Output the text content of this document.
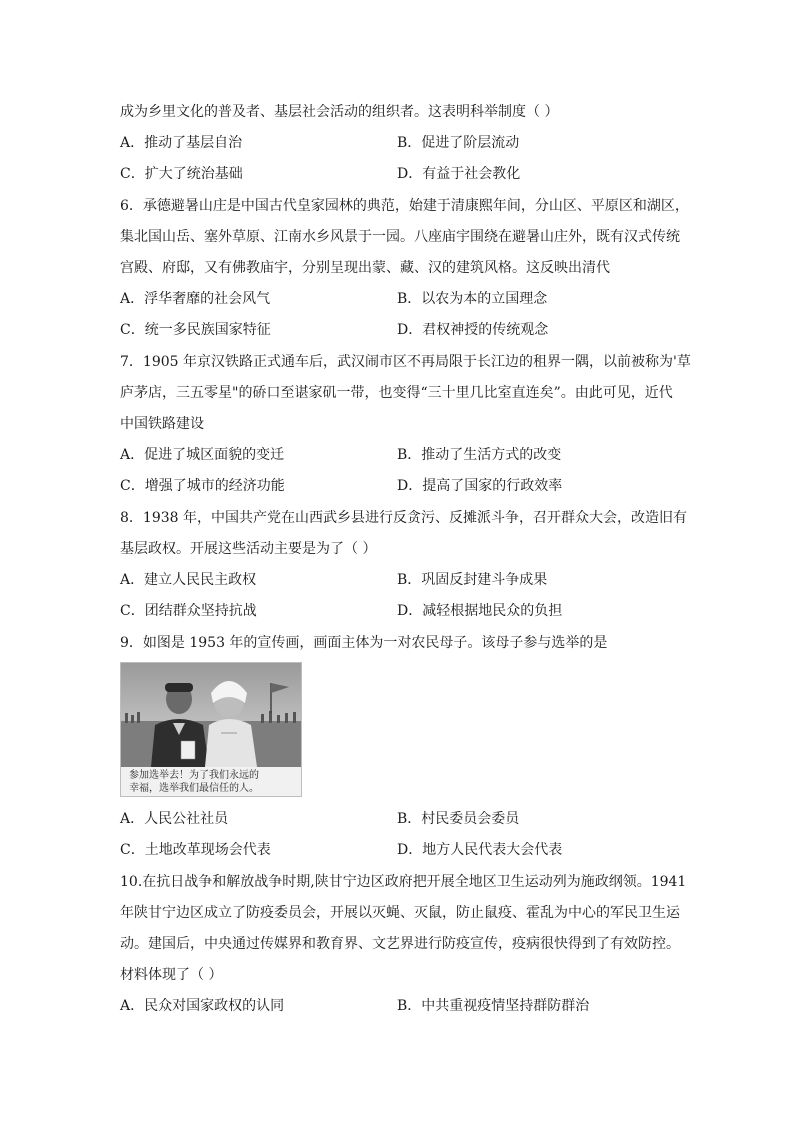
成为乡里文化的普及者、基层社会活动的组织者。这表明科举制度（ ）
A．推动了基层自治	B．促进了阶层流动
C．扩大了统治基础	D．有益于社会教化
6．承德避暑山庄是中国古代皇家园林的典范，始建于清康熙年间，分山区、平原区和湖区，
集北国山岳、塞外草原、江南水乡风景于一园。八座庙宇围绕在避暑山庄外，既有汉式传统
宫殿、府邸，又有佛教庙宇，分别呈现出蒙、藏、汉的建筑风格。这反映出清代
A．浮华奢靡的社会风气	B．以农为本的立国理念
C．统一多民族国家特征	D．君权神授的传统观念
7．1905 年京汉铁路正式通车后，武汉闹市区不再局限于长江边的租界一隅，以前被称为'草
庐茅店，三五零星"的硚口至谌家矶一带，也变得“三十里几比室直连矣”。由此可见，近代
中国铁路建设
A．促进了城区面貌的变迁	B．推动了生活方式的改变
C．增强了城市的经济功能	D．提高了国家的行政效率
8．1938 年，中国共产党在山西武乡县进行反贪污、反摊派斗争，召开群众大会，改造旧有
基层政权。开展这些活动主要是为了（ ）
A．建立人民民主政权	B．巩固反封建斗争成果
C．团结群众坚持抗战	D．减轻根据地民众的负担
9．如图是 1953 年的宣传画，画面主体为一对农民母子。该母子参与选举的是
参加选举去！为了我们永远的
幸福，选举我们最信任的人。
A．人民公社社员	B．村民委员会委员
C．土地改革现场会代表	D．地方人民代表大会代表
10.在抗日战争和解放战争时期,陕甘宁边区政府把开展全地区卫生运动列为施政纲领。1941
年陕甘宁边区成立了防疫委员会，开展以灭蝇、灭鼠，防止鼠疫、霍乱为中心的军民卫生运
动。建国后，中央通过传媒界和教育界、文艺界进行防疫宣传，疫病很快得到了有效防控。
材料体现了（ ）
A．民众对国家政权的认同	B．中共重视疫情坚持群防群治
